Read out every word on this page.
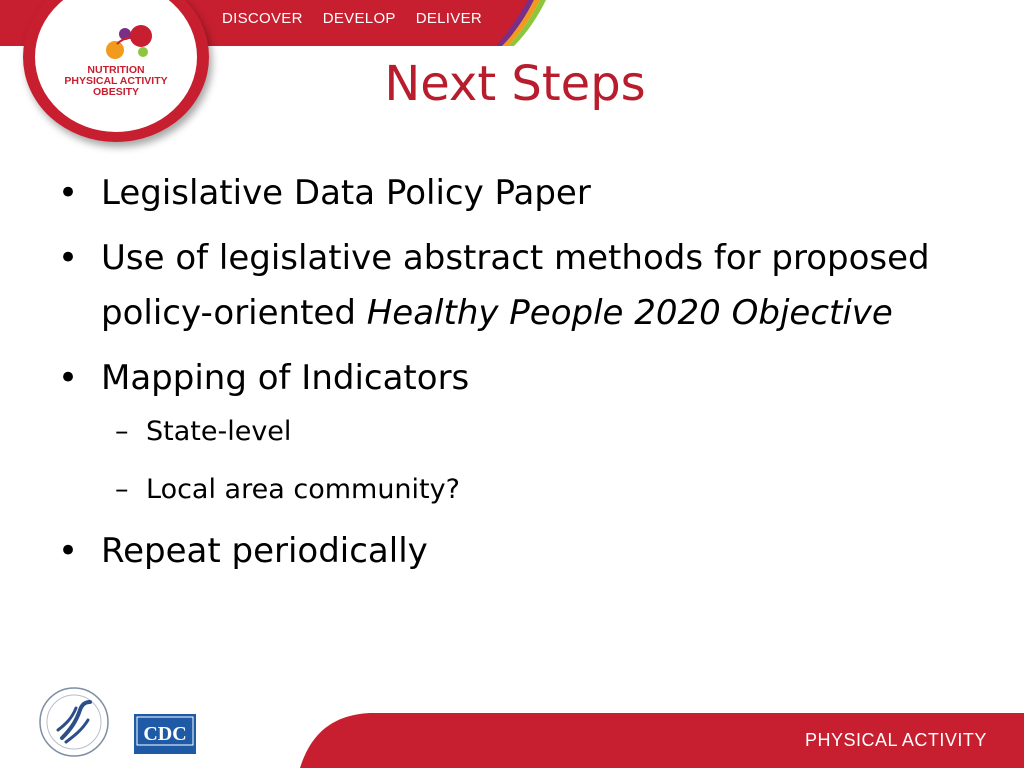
DISCOVER DEVELOP DELIVER
NUTRITION
PHYSICAL ACTIVITY
OBESITY	Next Steps
• Legislative Data Policy Paper
• Use of legislative abstract methods for proposed policy-oriented Healthy People 2020 Objective
• Mapping of Indicators
– State-level
– Local area community?
• Repeat periodically
PHYSICAL ACTIVITY
CDC
